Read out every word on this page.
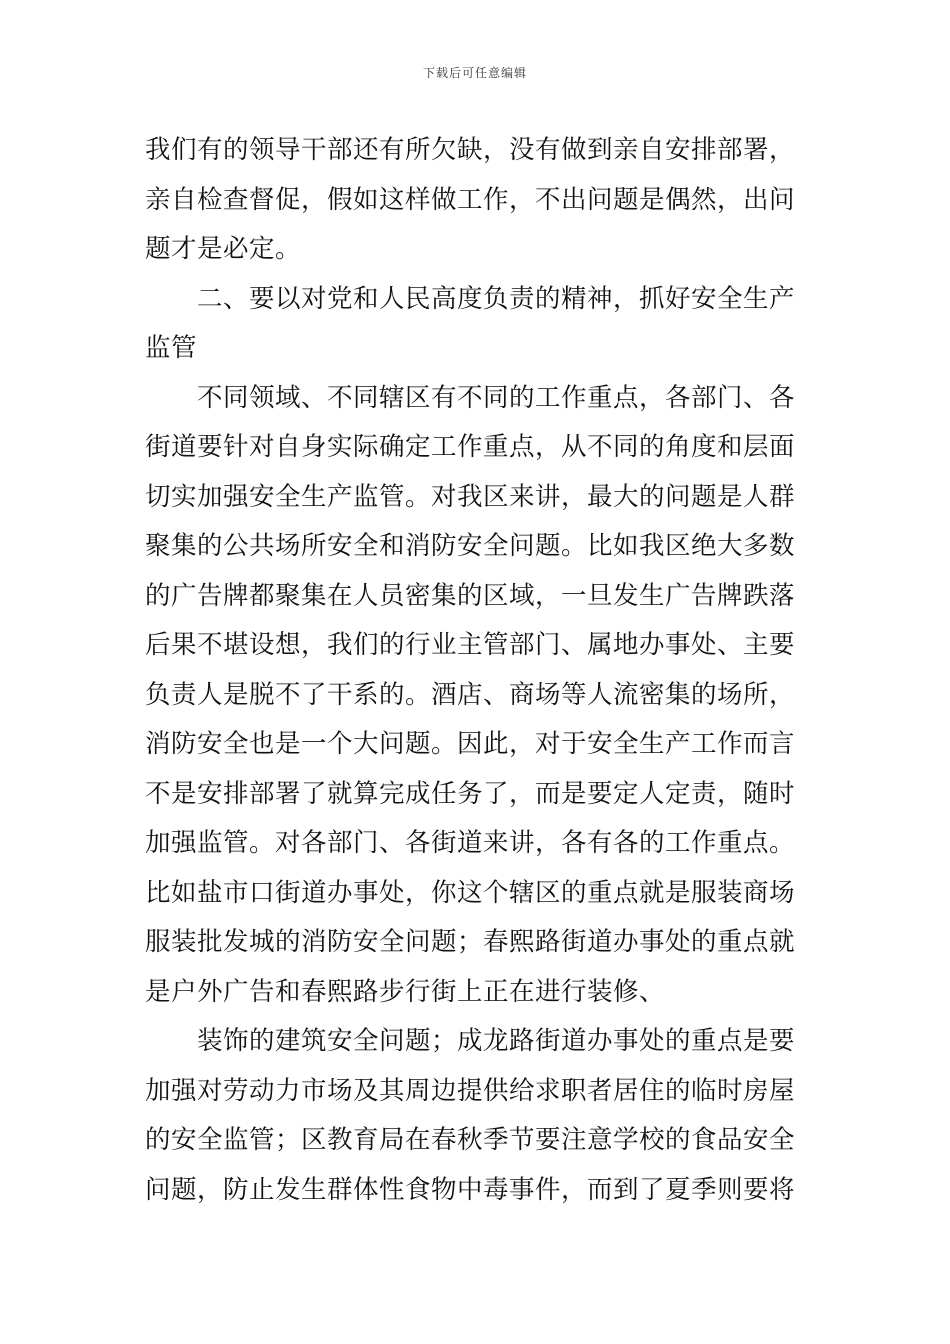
下载后可任意编辑
我们有的领导干部还有所欠缺，没有做到亲自安排部署，
亲自检查督促，假如这样做工作，不出问题是偶然，出问
题才是必定。
二、要以对党和人民高度负责的精神，抓好安全生产
监管
不同领域、不同辖区有不同的工作重点，各部门、各
街道要针对自身实际确定工作重点，从不同的角度和层面
切实加强安全生产监管。对我区来讲，最大的问题是人群
聚集的公共场所安全和消防安全问题。比如我区绝大多数
的广告牌都聚集在人员密集的区域，一旦发生广告牌跌落
后果不堪设想，我们的行业主管部门、属地办事处、主要
负责人是脱不了干系的。酒店、商场等人流密集的场所，
消防安全也是一个大问题。因此，对于安全生产工作而言
不是安排部署了就算完成任务了，而是要定人定责，随时
加强监管。对各部门、各街道来讲，各有各的工作重点。
比如盐市口街道办事处，你这个辖区的重点就是服装商场
服装批发城的消防安全问题；春熙路街道办事处的重点就
是户外广告和春熙路步行街上正在进行装修、
装饰的建筑安全问题；成龙路街道办事处的重点是要
加强对劳动力市场及其周边提供给求职者居住的临时房屋
的安全监管；区教育局在春秋季节要注意学校的食品安全
问题，防止发生群体性食物中毒事件，而到了夏季则要将
